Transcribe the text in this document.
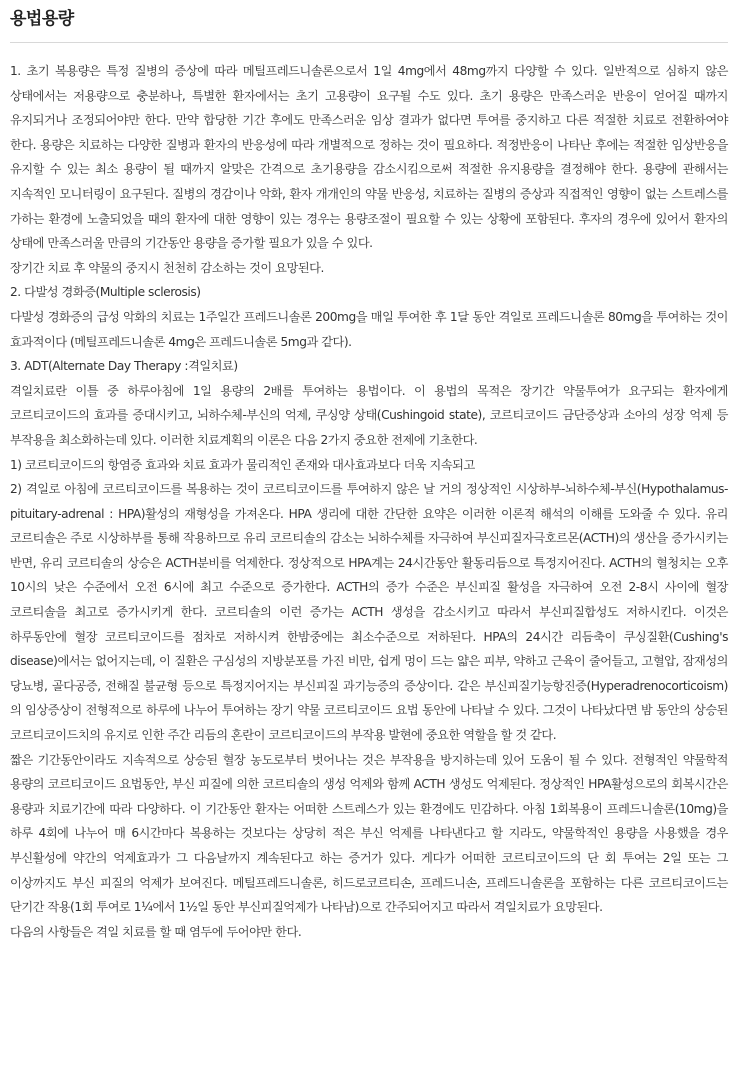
용법용량

1. 초기 복용량은 특정 질병의 증상에 따라 메틸프레드니솔론으로서 1일 4mg에서 48mg까지 다양할 수 있다. 일반적으로 심하지 않은 상태에서는 저용량으로 충분하나, 특별한 환자에서는 초기 고용량이 요구될 수도 있다. 초기 용량은 만족스러운 반응이 얻어질 때까지 유지되거나 조정되어야만 한다. 만약 합당한 기간 후에도 만족스러운 임상 결과가 없다면 투여를 중지하고 다른 적절한 치료로 전환하여야 한다. 용량은 치료하는 다양한 질병과 환자의 반응성에 따라 개별적으로 정하는 것이 필요하다. 적정반응이 나타난 후에는 적절한 임상반응을 유지할 수 있는 최소 용량이 될 때까지 알맞은 간격으로 초기용량을 감소시킴으로써 적절한 유지용량을 결정해야 한다. 용량에 관해서는 지속적인 모니터링이 요구된다. 질병의 경감이나 악화, 환자 개개인의 약물 반응성, 치료하는 질병의 증상과 직접적인 영향이 없는 스트레스를 가하는 환경에 노출되었을 때의 환자에 대한 영향이 있는 경우는 용량조절이 필요할 수 있는 상황에 포함된다. 후자의 경우에 있어서 환자의 상태에 만족스러울 만큼의 기간동안 용량을 증가할 필요가 있을 수 있다.

장기간 치료 후 약물의 중지시 천천히 감소하는 것이 요망된다.

2. 다발성 경화증(Multiple sclerosis)

다발성 경화증의 급성 악화의 치료는 1주일간 프레드니솔론 200mg을 매일 투여한 후 1달 동안 격일로 프레드니솔론 80mg을 투여하는 것이 효과적이다 (메틸프레드니솔론 4mg은 프레드니솔론 5mg과 같다).

3. ADT(Alternate Day Therapy :격일치료)

격일치료란 이틀 중 하루아침에 1일 용량의 2배를 투여하는 용법이다. 이 용법의 목적은 장기간 약물투여가 요구되는 환자에게 코르티코이드의 효과를 증대시키고, 뇌하수체-부신의 억제, 쿠싱양 상태(Cushingoid state), 코르티코이드 금단증상과 소아의 성장 억제 등 부작용을 최소화하는데 있다. 이러한 치료계획의 이론은 다음 2가지 중요한 전제에 기초한다.

1) 코르티코이드의 항염증 효과와 치료 효과가 물리적인 존재와 대사효과보다 더욱 지속되고

2) 격일로 아침에 코르티코이드를 복용하는 것이 코르티코이드를 투여하지 않은 날 거의 정상적인 시상하부-뇌하수체-부신(Hypothalamus-pituitary-adrenal : HPA)활성의 재형성을 가져온다. HPA 생리에 대한 간단한 요약은 이러한 이론적 해석의 이해를 도와줄 수 있다. 유리 코르티솔은 주로 시상하부를 통해 작용하므로 유리 코르티솔의 감소는 뇌하수체를 자극하여 부신피질자극호르몬(ACTH)의 생산을 증가시키는 반면, 유리 코르티솔의 상승은 ACTH분비를 억제한다. 정상적으로 HPA계는 24시간동안 활동리듬으로 특정지어진다. ACTH의 혈청치는 오후 10시의 낮은 수준에서 오전 6시에 최고 수준으로 증가한다. ACTH의 증가 수준은 부신피질 활성을 자극하여 오전 2-8시 사이에 혈장 코르티솔을 최고로 증가시키게 한다. 코르티솔의 이런 증가는 ACTH 생성을 감소시키고 따라서 부신피질합성도 저하시킨다. 이것은 하루동안에 혈장 코르티코이드를 점차로 저하시켜 한밤중에는 최소수준으로 저하된다. HPA의 24시간 리듬축이 쿠싱질환(Cushing's disease)에서는 없어지는데, 이 질환은 구심성의 지방분포를 가진 비만, 쉽게 멍이 드는 얇은 피부, 약하고 근육이 줄어들고, 고혈압, 잠재성의 당뇨병, 골다공증, 전해질 불균형 등으로 특정지어지는 부신피질 과기능증의 증상이다. 같은 부신피질기능항진증(Hyperadrenocorticoism)의 임상증상이 전형적으로 하루에 나누어 투여하는 장기 약물 코르티코이드 요법 동안에 나타날 수 있다. 그것이 나타났다면 밤 동안의 상승된 코르티코이드치의 유지로 인한 주간 리듬의 혼란이 코르티코이드의 부작용 발현에 중요한 역할을 할 것 같다.

짧은 기간동안이라도 지속적으로 상승된 혈장 농도로부터 벗어나는 것은 부작용을 방지하는데 있어 도움이 될 수 있다. 전형적인 약물학적 용량의 코르티코이드 요법동안, 부신 피질에 의한 코르티솔의 생성 억제와 함께 ACTH 생성도 억제된다. 정상적인 HPA활성으로의 회복시간은 용량과 치료기간에 따라 다양하다. 이 기간동안 환자는 어떠한 스트레스가 있는 환경에도 민감하다. 아침 1회복용이 프레드니솔론(10mg)을 하루 4회에 나누어 매 6시간마다 복용하는 것보다는 상당히 적은 부신 억제를 나타낸다고 할 지라도, 약물학적인 용량을 사용했을 경우 부신활성에 약간의 억제효과가 그 다음날까지 계속된다고 하는 증거가 있다. 게다가 어떠한 코르티코이드의 단 회 투여는 2일 또는 그 이상까지도 부신 피질의 억제가 보여진다. 메틸프레드니솔론, 히드로코르티손, 프레드니손, 프레드니솔론을 포함하는 다른 코르티코이드는 단기간 작용(1회 투여로 1¼에서 1½일 동안 부신피질억제가 나타남)으로 간주되어지고 따라서 격일치료가 요망된다.

다음의 사항들은 격일 치료를 할 때 염두에 두어야만 한다.
